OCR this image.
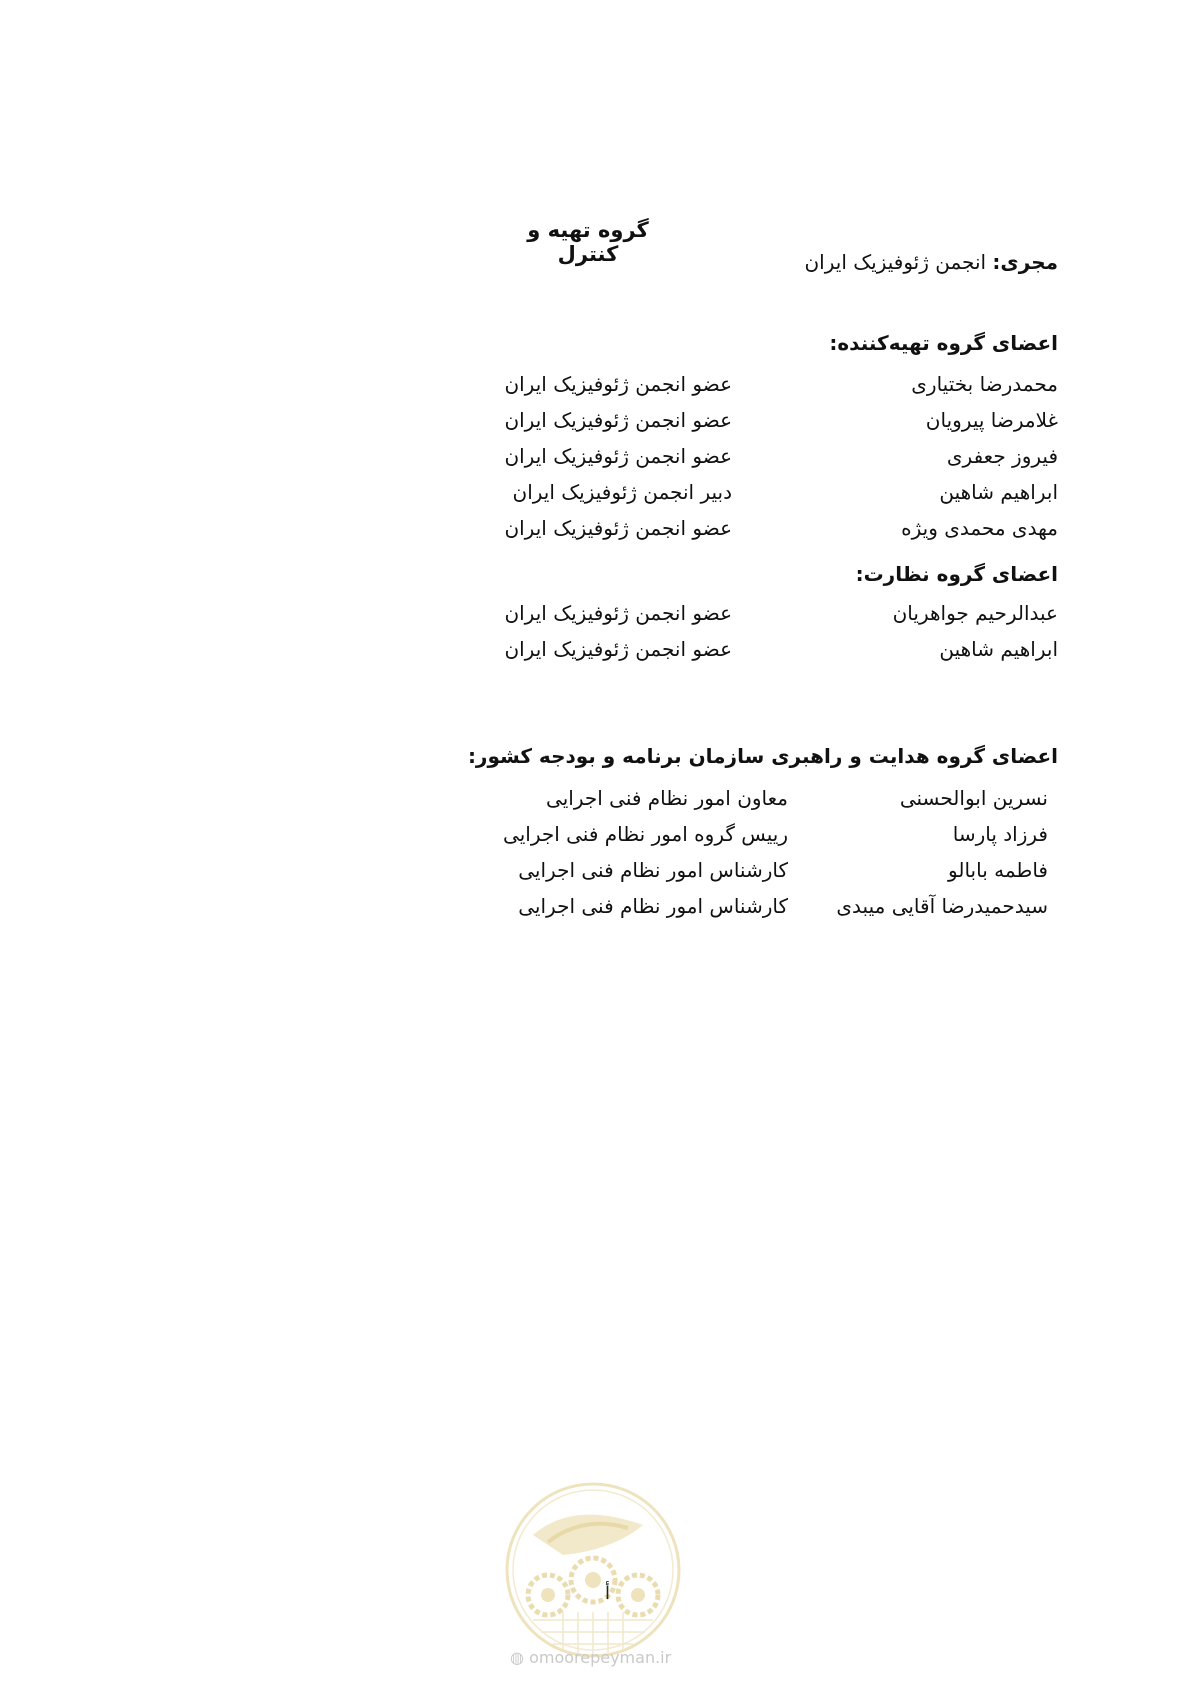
گروه تهیه و کنترل	مجری: انجمن ژئوفیزیک ایران
اعضای گروه تهیه‌کننده:
محمدرضا بختیاری
عضو انجمن ژئوفیزیک ایران
غلامرضا پیرویان
عضو انجمن ژئوفیزیک ایران
فیروز جعفری
عضو انجمن ژئوفیزیک ایران
ابراهیم شاهین
دبیر انجمن ژئوفیزیک ایران
مهدی محمدی ویژه
عضو انجمن ژئوفیزیک ایران
اعضای گروه نظارت:
عبدالرحیم جواهریان
عضو انجمن ژئوفیزیک ایران
ابراهیم شاهین
عضو انجمن ژئوفیزیک ایران
اعضای گروه هدایت و راهبری سازمان برنامه و بودجه کشور:
نسرین ابوالحسنی
معاون امور نظام فنی اجرایی
فرزاد پارسا
رییس گروه امور نظام فنی اجرایی
فاطمه بابالو
کارشناس امور نظام فنی اجرایی
سیدحمیدرضا آقایی میبدی
کارشناس امور نظام فنی اجرایی
أ
◍ omoorepeyman.ir
